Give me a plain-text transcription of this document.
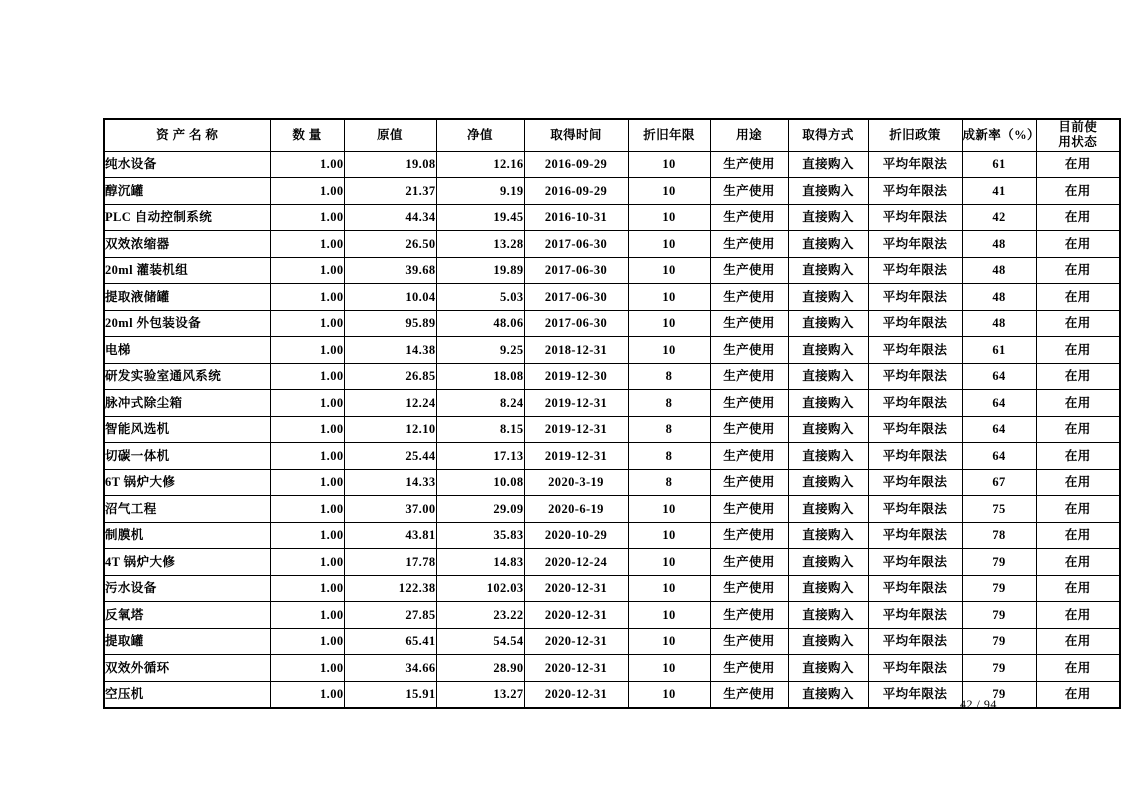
资 产 名 称	数 量	原值	净值	取得时间	折旧年限	用途	取得方式	折旧政策	成新率（%）	目前使
用状态

纯水设备	1.00	19.08	12.16	2016-09-29	10	生产使用	直接购入	平均年限法	61	在用
醇沉罐	1.00	21.37	9.19	2016-09-29	10	生产使用	直接购入	平均年限法	41	在用
PLC 自动控制系统	1.00	44.34	19.45	2016-10-31	10	生产使用	直接购入	平均年限法	42	在用
双效浓缩器	1.00	26.50	13.28	2017-06-30	10	生产使用	直接购入	平均年限法	48	在用
20ml 灌装机组	1.00	39.68	19.89	2017-06-30	10	生产使用	直接购入	平均年限法	48	在用
提取液储罐	1.00	10.04	5.03	2017-06-30	10	生产使用	直接购入	平均年限法	48	在用
20ml 外包装设备	1.00	95.89	48.06	2017-06-30	10	生产使用	直接购入	平均年限法	48	在用
电梯	1.00	14.38	9.25	2018-12-31	10	生产使用	直接购入	平均年限法	61	在用
研发实验室通风系统	1.00	26.85	18.08	2019-12-30	8	生产使用	直接购入	平均年限法	64	在用
脉冲式除尘箱	1.00	12.24	8.24	2019-12-31	8	生产使用	直接购入	平均年限法	64	在用
智能风选机	1.00	12.10	8.15	2019-12-31	8	生产使用	直接购入	平均年限法	64	在用
切碳一体机	1.00	25.44	17.13	2019-12-31	8	生产使用	直接购入	平均年限法	64	在用
6T 锅炉大修	1.00	14.33	10.08	2020-3-19	8	生产使用	直接购入	平均年限法	67	在用
沼气工程	1.00	37.00	29.09	2020-6-19	10	生产使用	直接购入	平均年限法	75	在用
制膜机	1.00	43.81	35.83	2020-10-29	10	生产使用	直接购入	平均年限法	78	在用
4T 锅炉大修	1.00	17.78	14.83	2020-12-24	10	生产使用	直接购入	平均年限法	79	在用
污水设备	1.00	122.38	102.03	2020-12-31	10	生产使用	直接购入	平均年限法	79	在用
反氧塔	1.00	27.85	23.22	2020-12-31	10	生产使用	直接购入	平均年限法	79	在用
提取罐	1.00	65.41	54.54	2020-12-31	10	生产使用	直接购入	平均年限法	79	在用
双效外循环	1.00	34.66	28.90	2020-12-31	10	生产使用	直接购入	平均年限法	79	在用
空压机	1.00	15.91	13.27	2020-12-31	10	生产使用	直接购入	平均年限法	79	在用
42 / 94
